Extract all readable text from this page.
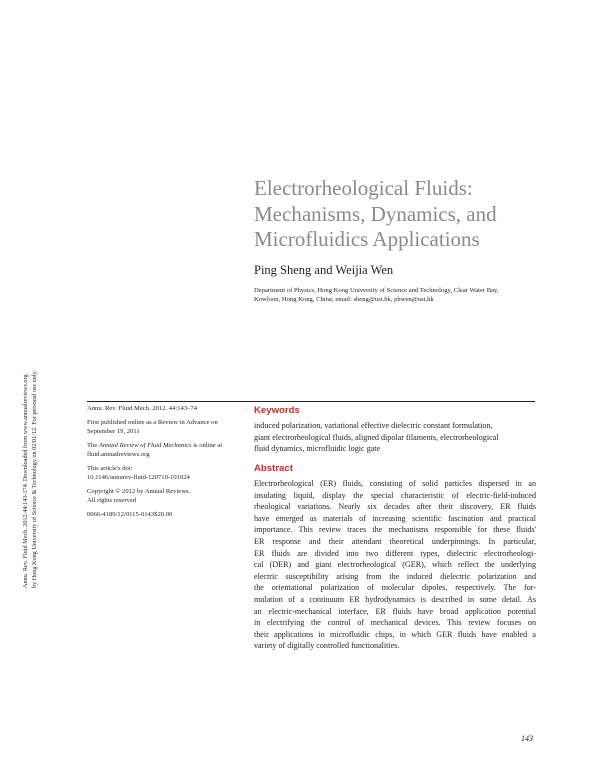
Annu. Rev. Fluid Mech. 2012.44:143-174. Downloaded from www.annualreviews.org by Hong Kong University of Science & Technology on 02/01/12. For personal use only.
Electrorheological Fluids:
Mechanisms, Dynamics, and
Microfluidics Applications
Ping Sheng and Weijia Wen
Department of Physics, Hong Kong University of Science and Technology, Clear Water Bay,
Kowloon, Hong Kong, China; email: sheng@ust.hk, phwen@ust.hk

Annu. Rev. Fluid Mech. 2012. 44:143–74

First published online as a Review in Advance on
September 19, 2011

The Annual Review of Fluid Mechanics is online at
fluid.annualreviews.org

This article's doi:
10.1146/annurev-fluid-120710-101024

Copyright © 2012 by Annual Reviews.
All rights reserved

0066-4189/12/0115-0143$20.00

Keywords
induced polarization, variational effective dielectric constant formulation,
giant electrorheological fluids, aligned dipolar filaments, electrorheological
fluid dynamics, microfluidic logic gate
Abstract
Electrorheological (ER) fluids, consisting of solid particles dispersed in an
insulating liquid, display the special characteristic of electric-field-induced
rheological variations. Nearly six decades after their discovery, ER fluids
have emerged as materials of increasing scientific fascination and practical
importance. This review traces the mechanisms responsible for these fluids'
ER response and their attendant theoretical underpinnings. In particular,
ER fluids are divided into two different types, dielectric electrorheologi-
cal (DER) and giant electrorheological (GER), which reflect the underlying
electric susceptibility arising from the induced dielectric polarization and
the orientational polarization of molecular dipoles, respectively. The for-
mulation of a continuum ER hydrodynamics is described in some detail. As
an electric-mechanical interface, ER fluids have broad application potential
in electrifying the control of mechanical devices. This review focuses on
their applications in microfluidic chips, in which GER fluids have enabled a
variety of digitally controlled functionalities.
143
